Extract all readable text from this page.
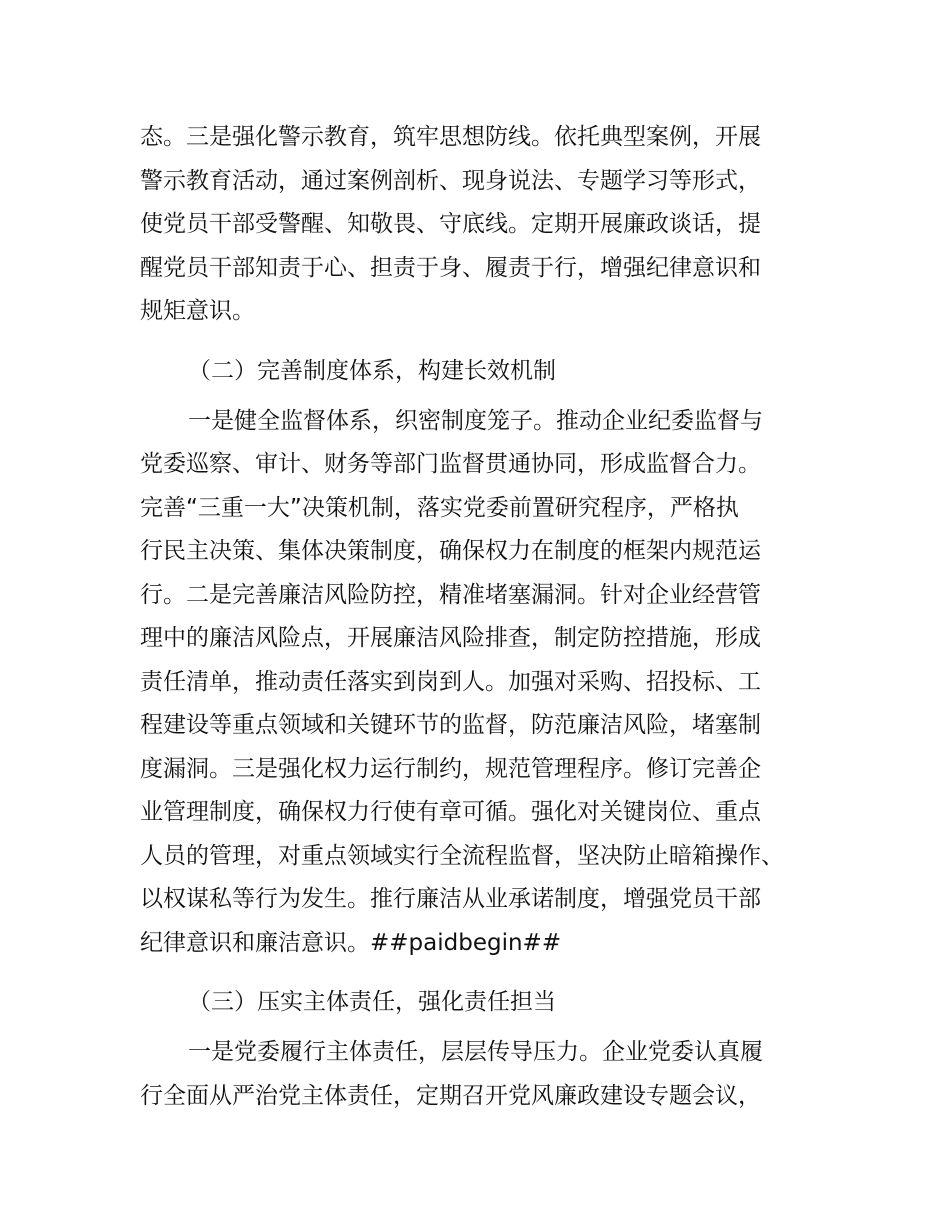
态。三是强化警示教育，筑牢思想防线。依托典型案例，开展
警示教育活动，通过案例剖析、现身说法、专题学习等形式，
使党员干部受警醒、知敬畏、守底线。定期开展廉政谈话，提
醒党员干部知责于心、担责于身、履责于行，增强纪律意识和
规矩意识。
（二）完善制度体系，构建长效机制
一是健全监督体系，织密制度笼子。推动企业纪委监督与
党委巡察、审计、财务等部门监督贯通协同，形成监督合力。
完善“三重一大”决策机制，落实党委前置研究程序，严格执
行民主决策、集体决策制度，确保权力在制度的框架内规范运
行。二是完善廉洁风险防控，精准堵塞漏洞。针对企业经营管
理中的廉洁风险点，开展廉洁风险排查，制定防控措施，形成
责任清单，推动责任落实到岗到人。加强对采购、招投标、工
程建设等重点领域和关键环节的监督，防范廉洁风险，堵塞制
度漏洞。三是强化权力运行制约，规范管理程序。修订完善企
业管理制度，确保权力行使有章可循。强化对关键岗位、重点
人员的管理，对重点领域实行全流程监督，坚决防止暗箱操作、
以权谋私等行为发生。推行廉洁从业承诺制度，增强党员干部
纪律意识和廉洁意识。##paidbegin##
（三）压实主体责任，强化责任担当
一是党委履行主体责任，层层传导压力。企业党委认真履
行全面从严治党主体责任，定期召开党风廉政建设专题会议，
